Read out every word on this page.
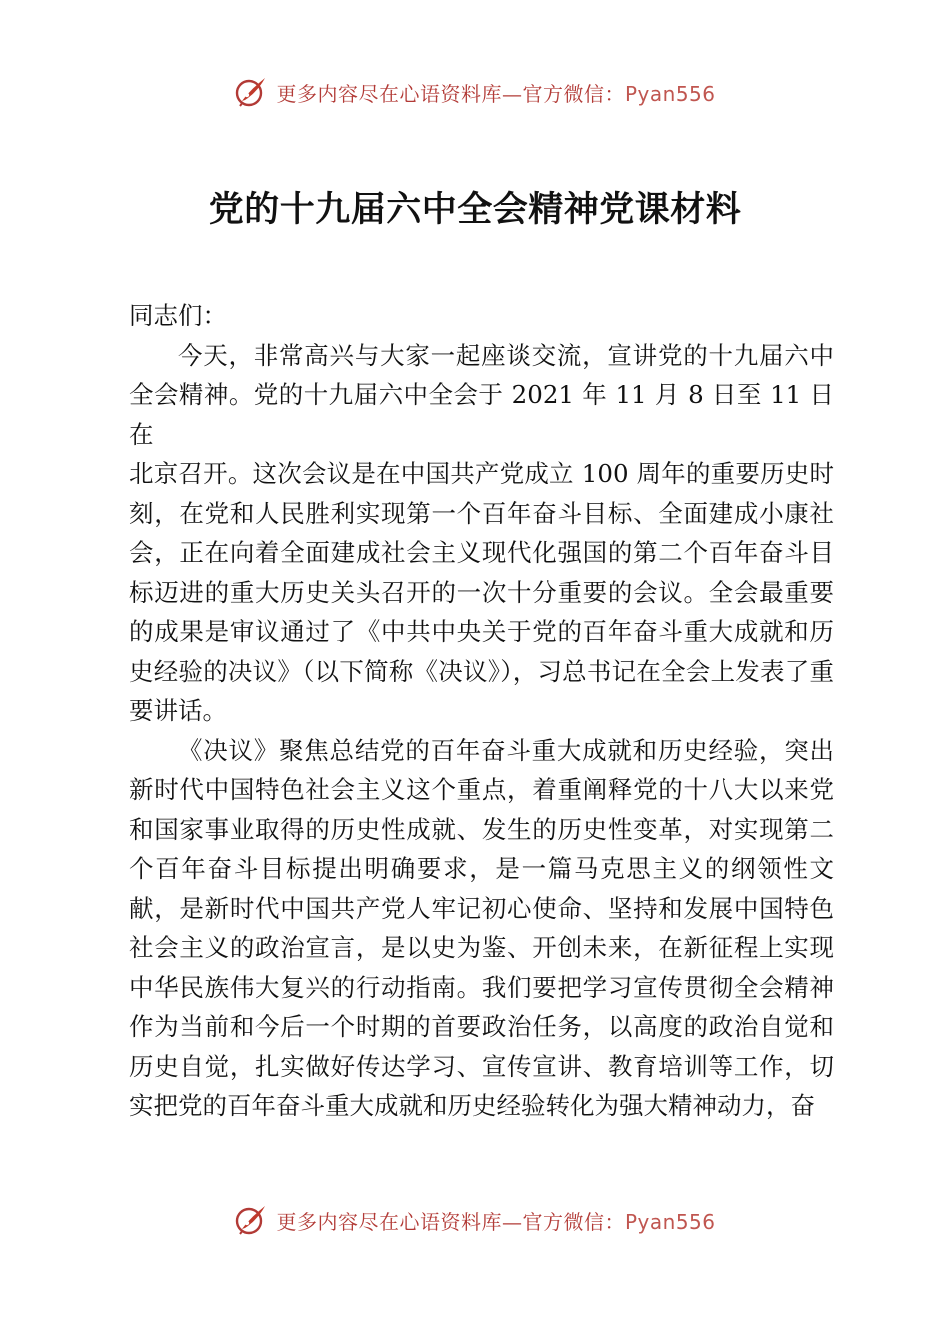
更多内容尽在心语资料库—官方微信：Pyan556
党的十九届六中全会精神党课材料

同志们：

今天，非常高兴与大家一起座谈交流，宣讲党的十九届六中全会精神。党的十九届六中全会于 2021 年 11 月 8 日至 11 日在

北京召开。这次会议是在中国共产党成立 100 周年的重要历史时刻，在党和人民胜利实现第一个百年奋斗目标、全面建成小康社会，正在向着全面建成社会主义现代化强国的第二个百年奋斗目标迈进的重大历史关头召开的一次十分重要的会议。全会最重要的成果是审议通过了《中共中央关于党的百年奋斗重大成就和历史经验的决议》（以下简称《决议》），习总书记在全会上发表了重要讲话。

《决议》聚焦总结党的百年奋斗重大成就和历史经验，突出新时代中国特色社会主义这个重点，着重阐释党的十八大以来党和国家事业取得的历史性成就、发生的历史性变革，对实现第二个百年奋斗目标提出明确要求，是一篇马克思主义的纲领性文献，是新时代中国共产党人牢记初心使命、坚持和发展中国特色社会主义的政治宣言，是以史为鉴、开创未来，在新征程上实现中华民族伟大复兴的行动指南。我们要把学习宣传贯彻全会精神作为当前和今后一个时期的首要政治任务，以高度的政治自觉和历史自觉，扎实做好传达学习、宣传宣讲、教育培训等工作，切实把党的百年奋斗重大成就和历史经验转化为强大精神动力，奋

更多内容尽在心语资料库—官方微信：Pyan556
